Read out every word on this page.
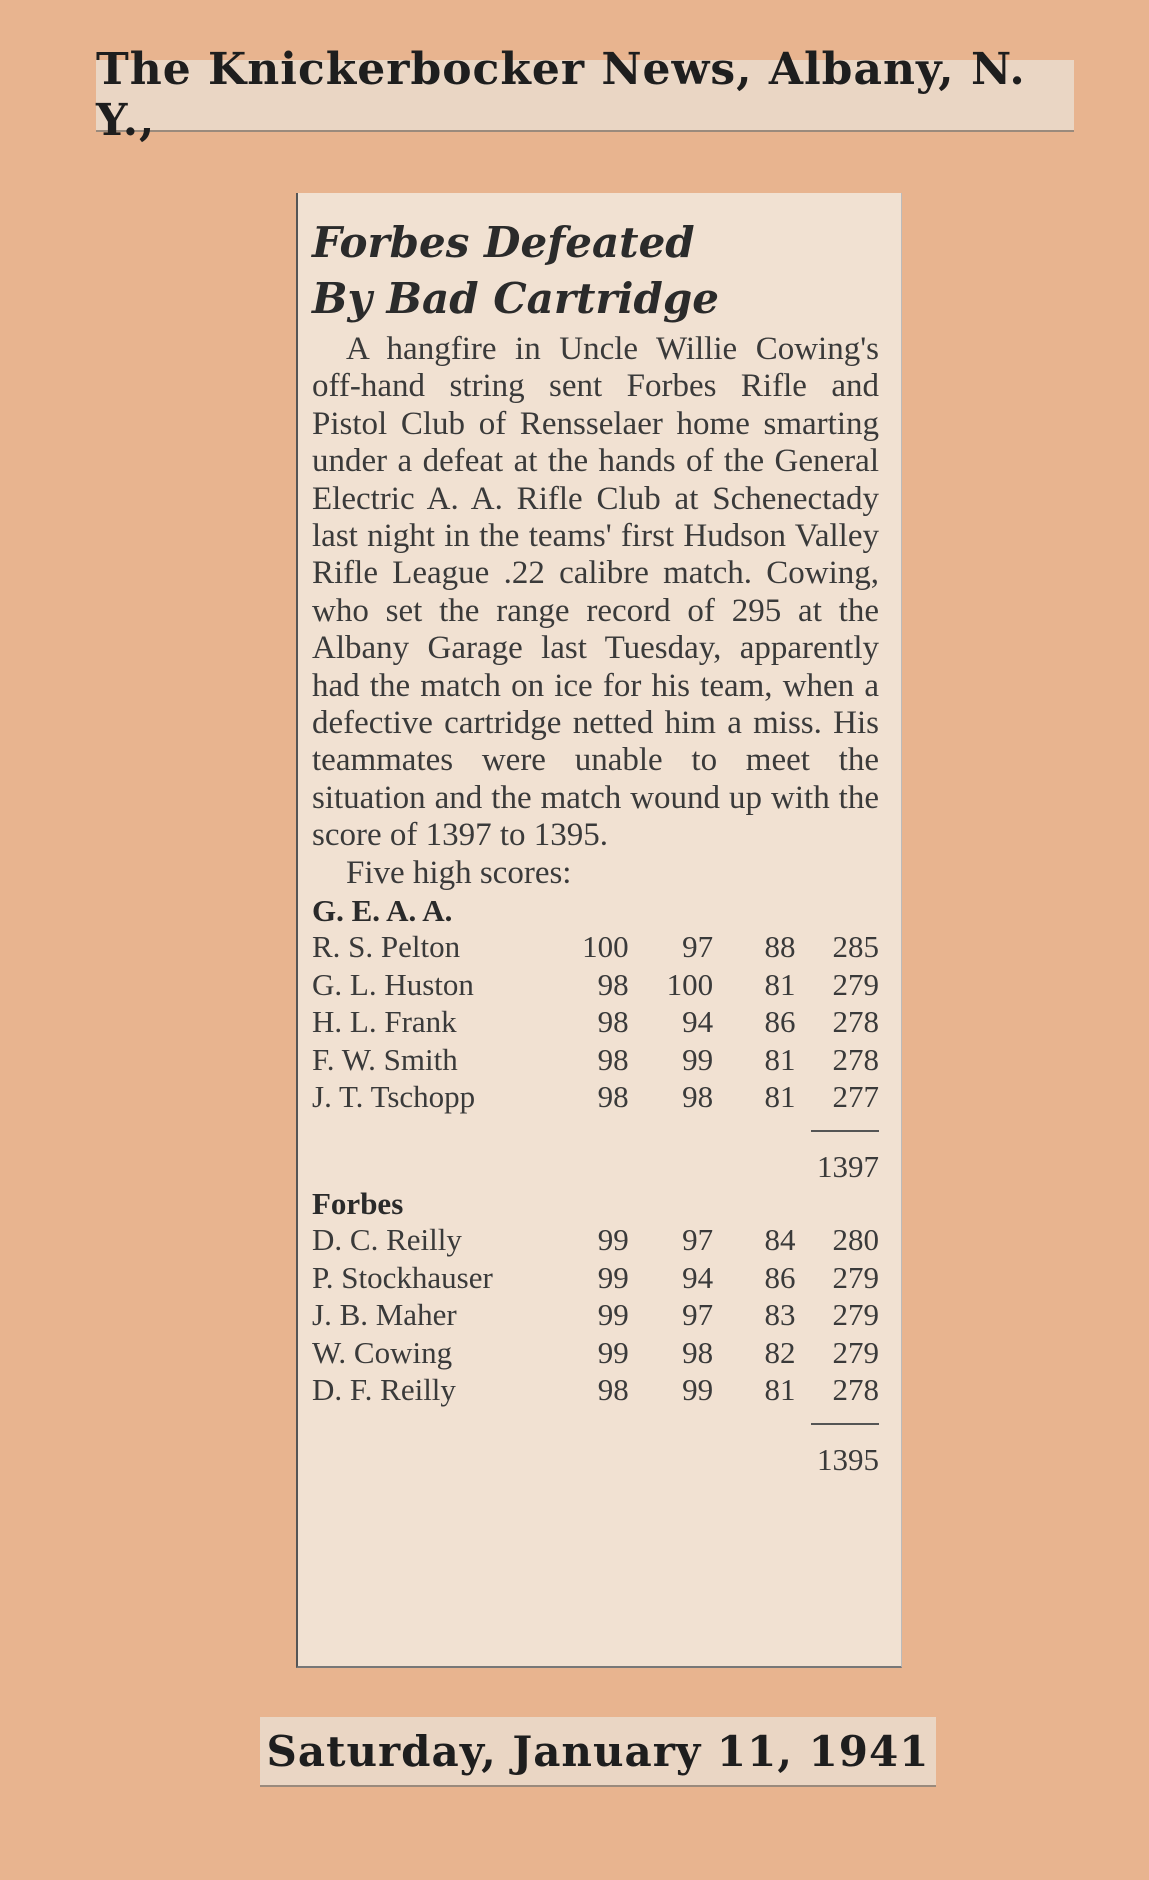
The Knickerbocker News, Albany, N. Y.,
Forbes Defeated
By Bad Cartridge

A hangfire in Uncle Willie Cowing's off-hand string sent Forbes Rifle and Pistol Club of Rensselaer home smarting under a defeat at the hands of the General Electric A. A. Rifle Club at Schenectady last night in the teams' first Hudson Valley Rifle League .22 calibre match. Cowing, who set the range record of 295 at the Albany Garage last Tuesday, apparently had the match on ice for his team, when a defective cartridge netted him a miss. His teammates were unable to meet the situation and the match wound up with the score of 1397 to 1395.

Five high scores:

G. E. A. A.

R. S. Pelton	100	97	88	285
G. L. Huston	98	100	81	279
H. L. Frank	98	94	86	278
F. W. Smith	98	99	81	278
J. T. Tschopp	98	98	81	277

1397

Forbes

D. C. Reilly	99	97	84	280
P. Stockhauser	99	94	86	279
J. B. Maher	99	97	83	279
W. Cowing	99	98	82	279
D. F. Reilly	98	99	81	278

1395

Saturday, January 11, 1941
